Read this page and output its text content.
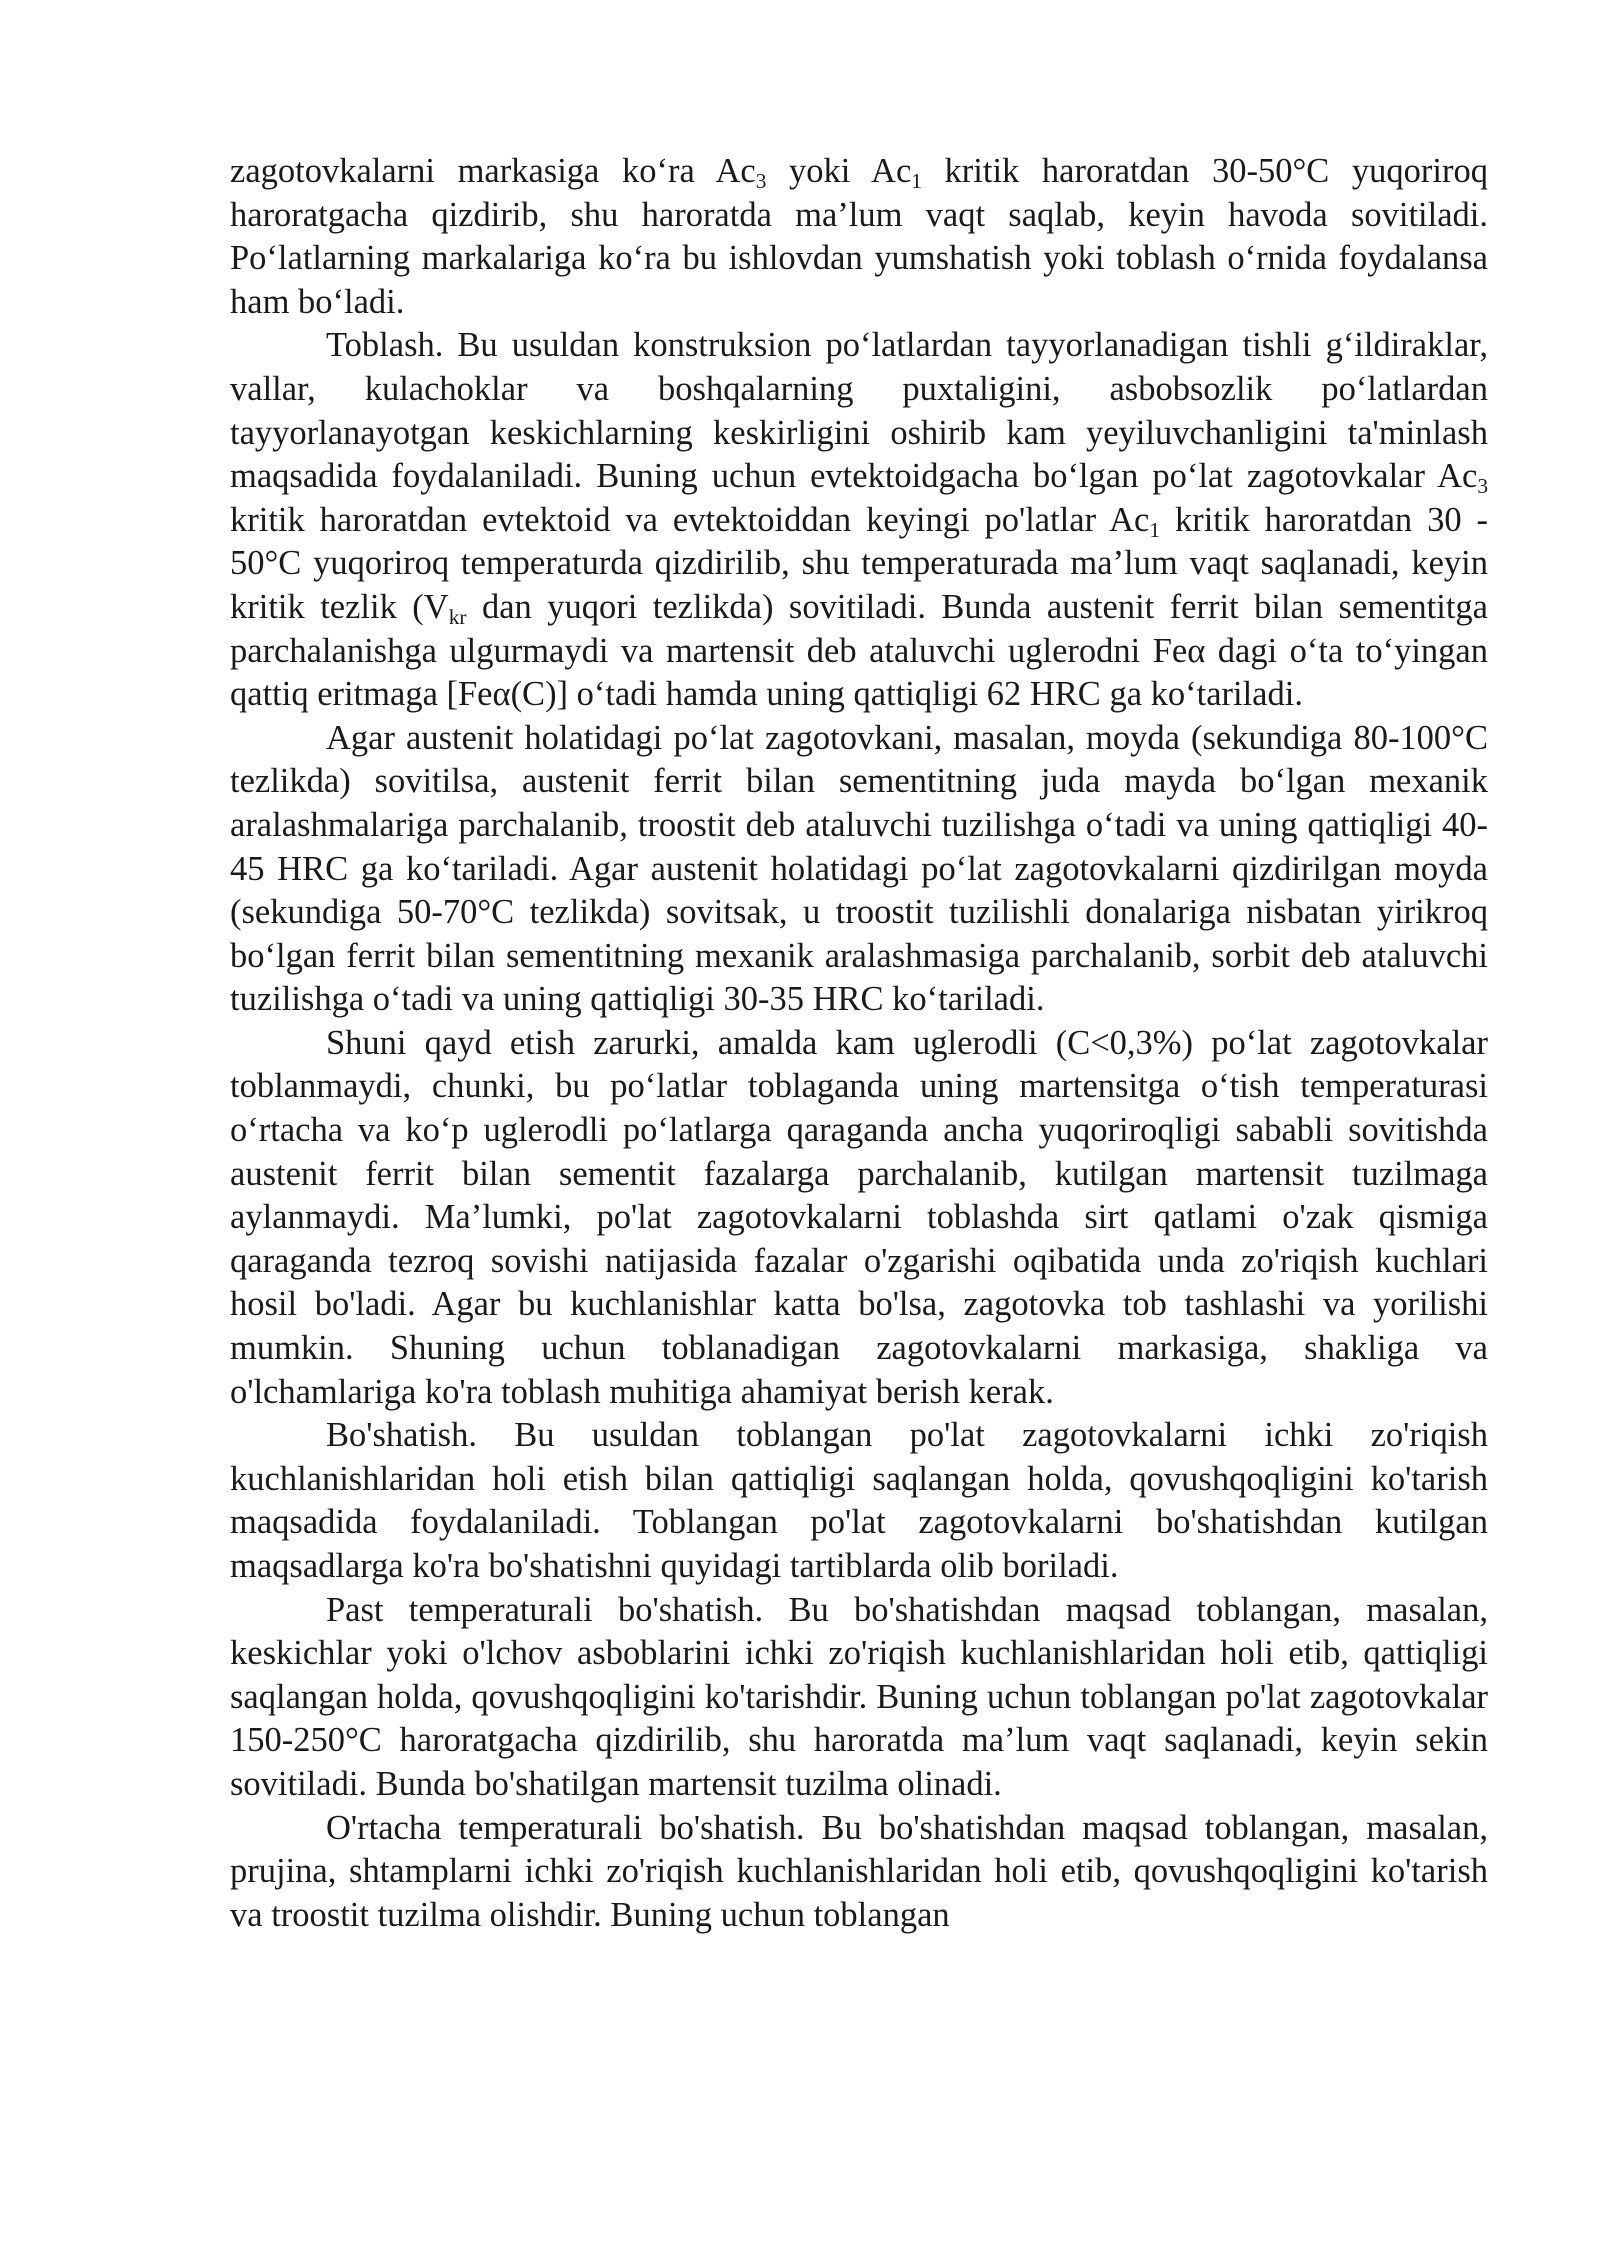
zagotovkalarni markasiga ko‘ra $Ac_3$ yoki $Ac_1$ kritik haroratdan 30-50°C yuqoriroq haroratgacha qizdirib, shu haroratda ma’lum vaqt saqlab, keyin havoda sovitiladi. Po‘latlarning markalariga ko‘ra bu ishlovdan yumshatish yoki toblash o‘rnida foydalansa ham bo‘ladi.

Toblash. Bu usuldan konstruksion po‘latlardan tayyorlanadigan tishli g‘ildiraklar, vallar, kulachoklar va boshqalarning puxtaligini, asbobsozlik po‘latlardan tayyorlanayotgan keskichlarning keskirligini oshirib kam yeyiluvchanligini ta'minlash maqsadida foydalaniladi. Buning uchun evtektoidgacha bo‘lgan po‘lat zagotovkalar $Ac_3$ kritik haroratdan evtektoid va evtektoiddan keyingi po'latlar $Ac_1$ kritik haroratdan 30 - 50°C yuqoriroq temperaturda qizdirilib, shu temperaturada ma’lum vaqt saqlanadi, keyin kritik tezlik ($V_{kr}$ dan yuqori tezlikda) sovitiladi. Bunda austenit ferrit bilan sementitga parchalanishga ulgurmaydi va martensit deb ataluvchi uglerodni Feα dagi o‘ta to‘yingan qattiq eritmaga [Feα(C)] o‘tadi hamda uning qattiqligi 62 HRC ga ko‘tariladi.

Agar austenit holatidagi po‘lat zagotovkani, masalan, moyda (sekundiga 80-100°C tezlikda) sovitilsa, austenit ferrit bilan sementitning juda mayda bo‘lgan mexanik aralashmalariga parchalanib, troostit deb ataluvchi tuzilishga o‘tadi va uning qattiqligi 40-45 HRC ga ko‘tariladi. Agar austenit holatidagi po‘lat zagotovkalarni qizdirilgan moyda (sekundiga 50-70°C tezlikda) sovitsak, u troostit tuzilishli donalariga nisbatan yirikroq bo‘lgan ferrit bilan sementitning mexanik aralashmasiga parchalanib, sorbit deb ataluvchi tuzilishga o‘tadi va uning qattiqligi 30-35 HRC ko‘tariladi.

Shuni qayd etish zarurki, amalda kam uglerodli (C<0,3%) po‘lat zagotovkalar toblanmaydi, chunki, bu po‘latlar toblaganda uning martensitga o‘tish temperaturasi o‘rtacha va ko‘p uglerodli po‘latlarga qaraganda ancha yuqoriroqligi sababli sovitishda austenit ferrit bilan sementit fazalarga parchalanib, kutilgan martensit tuzilmaga aylanmaydi. Ma’lumki, po'lat zagotovkalarni toblashda sirt qatlami o'zak qismiga qaraganda tezroq sovishi natijasida fazalar o'zgarishi oqibatida unda zo'riqish kuchlari hosil bo'ladi. Agar bu kuchlanishlar katta bo'lsa, zagotovka tob tashlashi va yorilishi mumkin. Shuning uchun toblanadigan zagotovkalarni markasiga, shakliga va o'lchamlariga ko'ra toblash muhitiga ahamiyat berish kerak.

Bo'shatish. Bu usuldan toblangan po'lat zagotovkalarni ichki zo'riqish kuchlanishlaridan holi etish bilan qattiqligi saqlangan holda, qovushqoqligini ko'tarish maqsadida foydalaniladi. Toblangan po'lat zagotovkalarni bo'shatishdan kutilgan maqsadlarga ko'ra bo'shatishni quyidagi tartiblarda olib boriladi.

Past temperaturali bo'shatish. Bu bo'shatishdan maqsad toblangan, masalan, keskichlar yoki o'lchov asboblarini ichki zo'riqish kuchlanishlaridan holi etib, qattiqligi saqlangan holda, qovushqoqligini ko'tarishdir. Buning uchun toblangan po'lat zagotovkalar 150-250°C haroratgacha qizdirilib, shu haroratda ma’lum vaqt saqlanadi, keyin sekin sovitiladi. Bunda bo'shatilgan martensit tuzilma olinadi.

O'rtacha temperaturali bo'shatish. Bu bo'shatishdan maqsad toblangan, masalan, prujina, shtamplarni ichki zo'riqish kuchlanishlaridan holi etib, qovushqoqligini ko'tarish va troostit tuzilma olishdir. Buning uchun toblangan
